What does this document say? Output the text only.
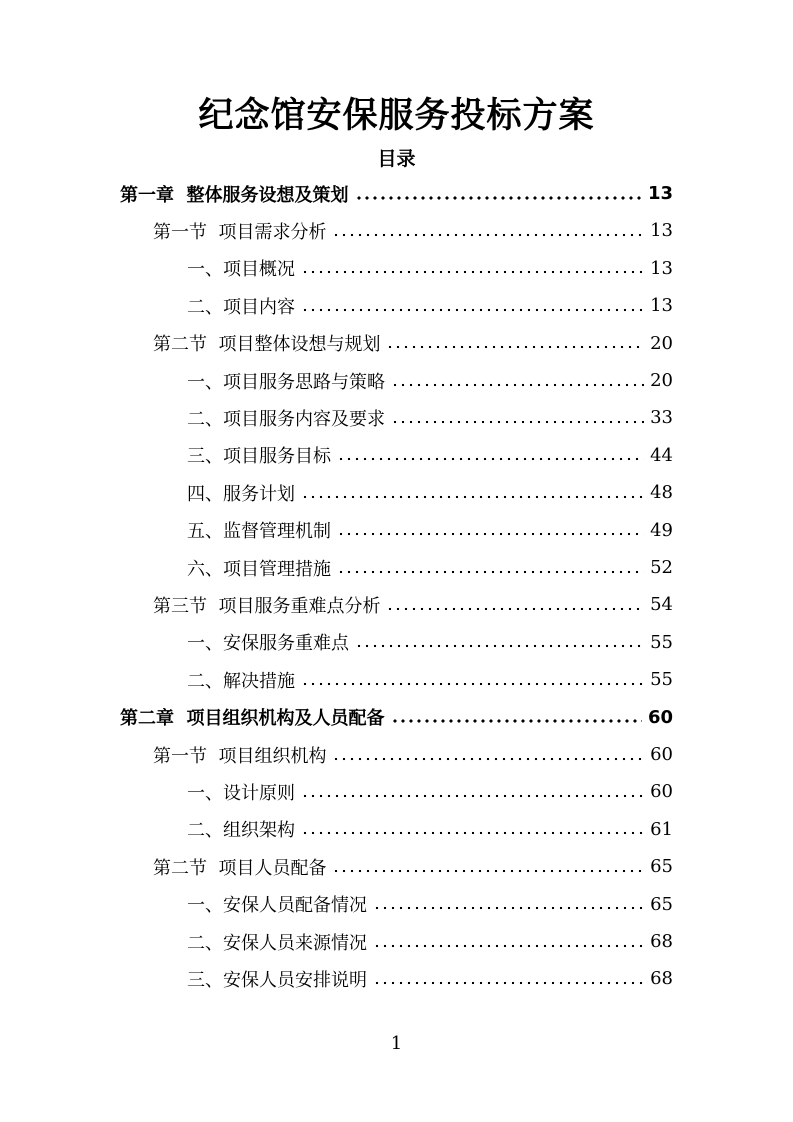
纪念馆安保服务投标方案
目录
第一章  整体服务设想及策划	13
第一节  项目需求分析	13
一、项目概况	13
二、项目内容	13
第二节  项目整体设想与规划	20
一、项目服务思路与策略	20
二、项目服务内容及要求	33
三、项目服务目标	44
四、服务计划	48
五、监督管理机制	49
六、项目管理措施	52
第三节  项目服务重难点分析	54
一、安保服务重难点	55
二、解决措施	55
第二章  项目组织机构及人员配备	60
第一节  项目组织机构	60
一、设计原则	60
二、组织架构	61
第二节  项目人员配备	65
一、安保人员配备情况	65
二、安保人员来源情况	68
三、安保人员安排说明	68
1
